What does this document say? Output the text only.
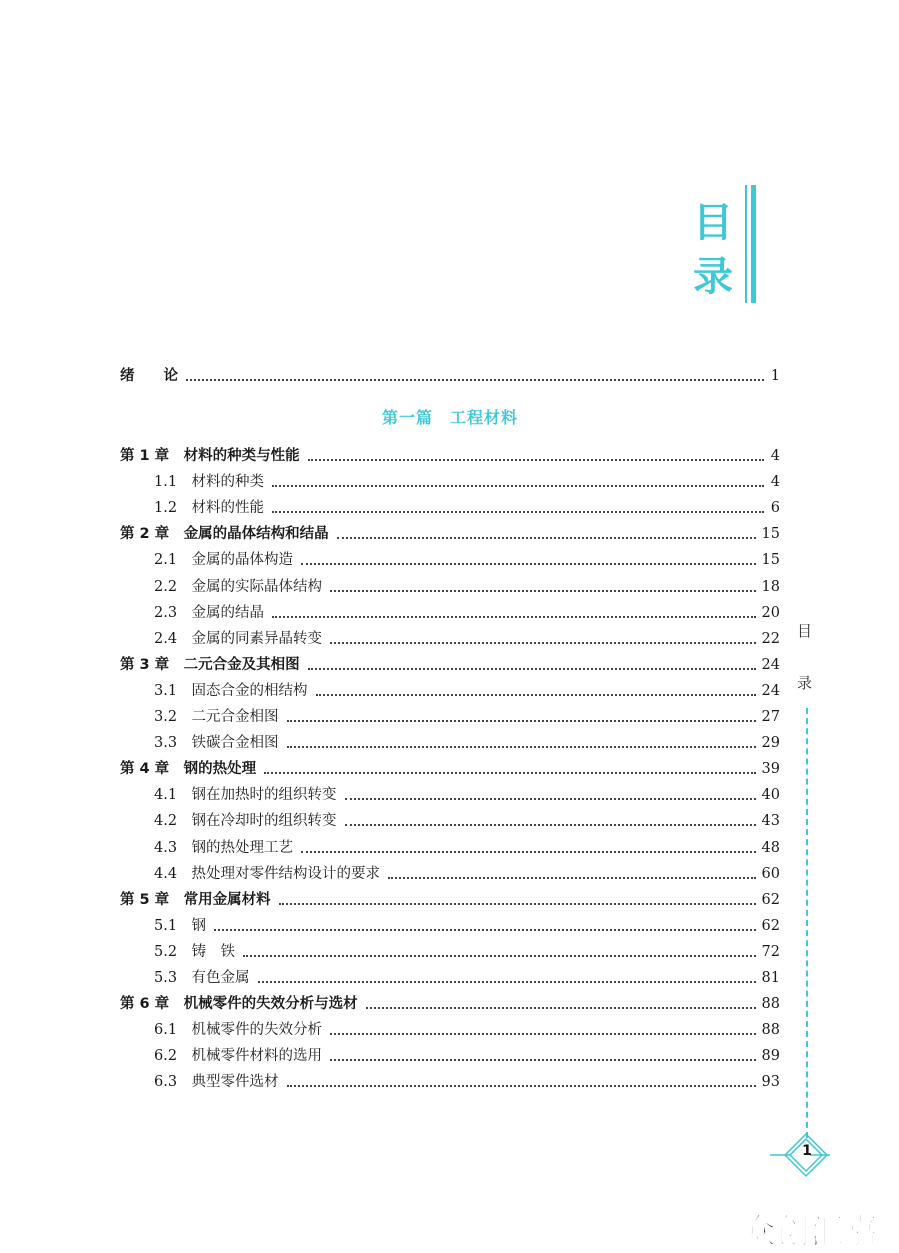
目
录
绪　　论	1
第一篇　工程材料
第 1 章　材料的种类与性能	4
1.1　材料的种类	4
1.2　材料的性能	6
第 2 章　金属的晶体结构和结晶	15
2.1　金属的晶体构造	15
2.2　金属的实际晶体结构	18
2.3　金属的结晶	20
2.4　金属的同素异晶转变	22
第 3 章　二元合金及其相图	24
3.1　固态合金的相结构	24
3.2　二元合金相图	27
3.3　铁碳合金相图	29
第 4 章　钢的热处理	39
4.1　钢在加热时的组织转变	40
4.2　钢在冷却时的组织转变	43
4.3　钢的热处理工艺	48
4.4　热处理对零件结构设计的要求	60
第 5 章　常用金属材料	62
5.1　钢	62
5.2　铸　铁	72
5.3　有色金属	81
第 6 章　机械零件的失效分析与选材	88
6.1　机械零件的失效分析	88
6.2　机械零件材料的选用	89
6.3　典型零件选材	93
目
录
1
众创汇嘉
